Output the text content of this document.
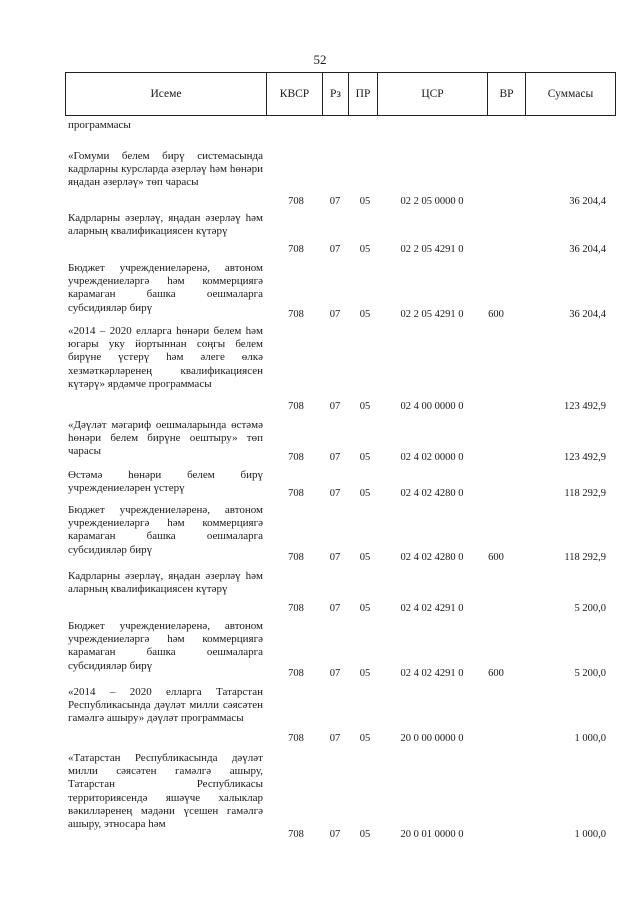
52
Исеме	КВСР	Рз	ПР	ЦСР	ВР	Суммасы
программасы
«Гомуми белем бирү системасында кадрларны курсларда әзерләү һәм һөнәри яңадан әзерләү» төп чарасы
708	07	05	02 2 05 0000 0	36 204,4
Кадрларны әзерләү, яңадан әзерләү һәм аларның квалификациясен күтәрү
708	07	05	02 2 05 4291 0	36 204,4
Бюджет учреждениеләренә, автоном учреждениеләргә һәм коммерциягә карамаган башка оешмаларга субсидияләр бирү
708	07	05	02 2 05 4291 0	600	36 204,4
«2014 – 2020 елларга һөнәри белем һәм югары уку йортыннан соңгы белем бирүне үстерү һәм әлеге өлкә хезмәткәрләренең квалификациясен күтәрү» ярдәмче программасы
708	07	05	02 4 00 0000 0	123 492,9
«Дәүләт мәгариф оешмаларында өстәмә һөнәри белем бирүне оештыру» төп чарасы
708	07	05	02 4 02 0000 0	123 492,9
Өстәмә һөнәри белем бирү учреждениеләрен үстерү	708	07	05	02 4 02 4280 0	118 292,9
Бюджет учреждениеләренә, автоном учреждениеләргә һәм коммерциягә карамаган башка оешмаларга субсидияләр бирү
708	07	05	02 4 02 4280 0	600	118 292,9
Кадрларны әзерләү, яңадан әзерләү һәм аларның квалификациясен күтәрү
708	07	05	02 4 02 4291 0	5 200,0
Бюджет учреждениеләренә, автоном учреждениеләргә һәм коммерциягә карамаган башка оешмаларга субсидияләр бирү
708	07	05	02 4 02 4291 0	600	5 200,0
«2014 – 2020 елларга Татарстан Республикасында дәүләт милли сәясәтен гамәлгә ашыру» дәүләт программасы
708	07	05	20 0 00 0000 0	1 000,0
«Татарстан Республикасында дәүләт милли сәясәтен гамәлгә ашыру, Татарстан Республикасы территориясендә яшәүче халыклар вәкилләренең мәдәни үсешен гамәлгә ашыру, этносара һәм
708	07	05	20 0 01 0000 0	1 000,0
